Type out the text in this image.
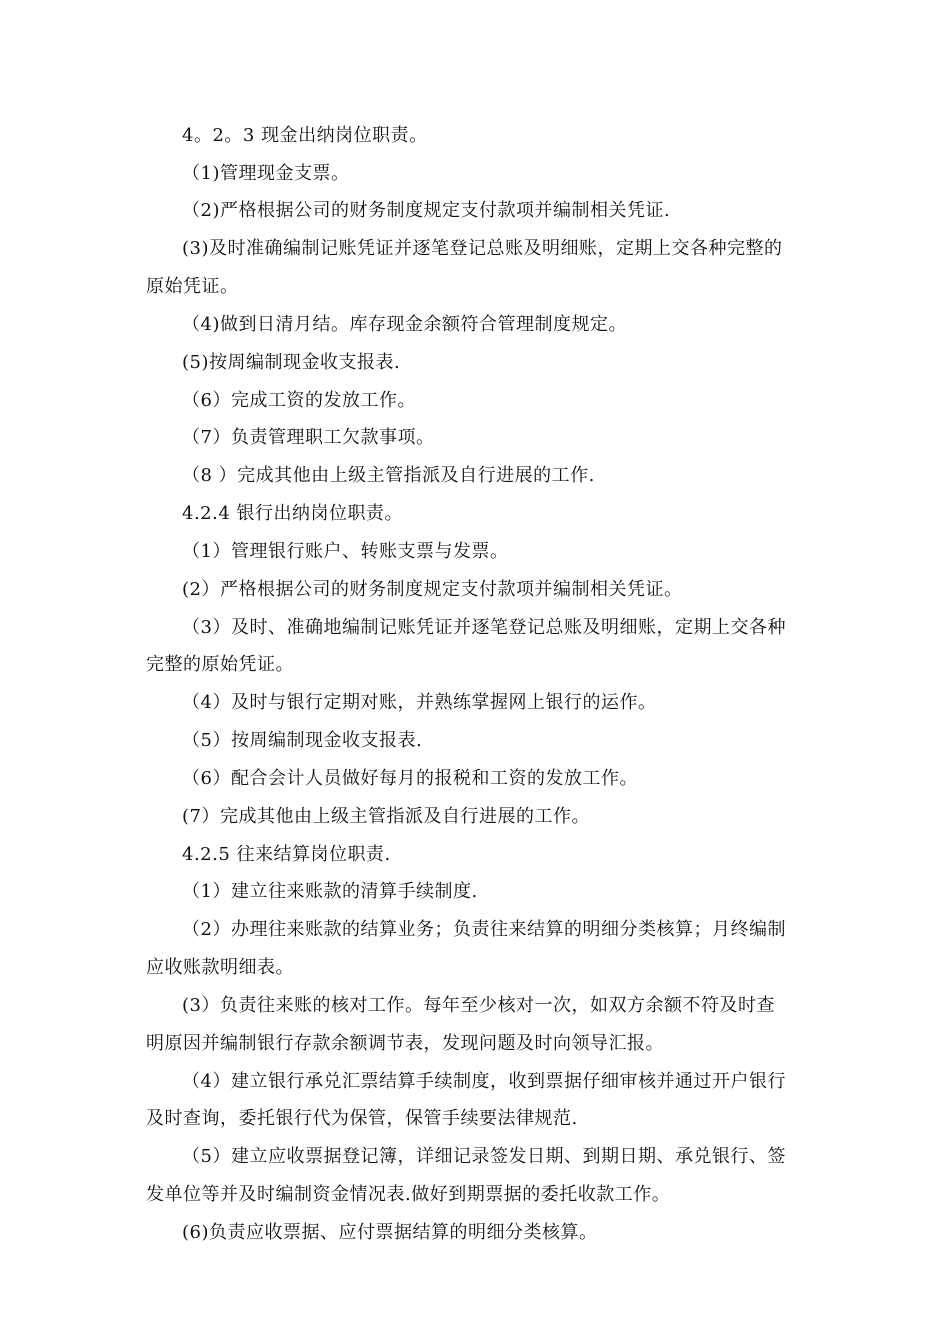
4。2。3 现金出纳岗位职责。
（1)管理现金支票。
（2)严格根据公司的财务制度规定支付款项并编制相关凭证.
(3)及时准确编制记账凭证并逐笔登记总账及明细账，定期上交各种完整的
原始凭证。
（4)做到日清月结。库存现金余额符合管理制度规定。
(5)按周编制现金收支报表.
（6）完成工资的发放工作。
（7）负责管理职工欠款事项。
（8 ）完成其他由上级主管指派及自行进展的工作.
4.2.4 银行出纳岗位职责。
（1）管理银行账户、转账支票与发票。
(2）严格根据公司的财务制度规定支付款项并编制相关凭证。
（3）及时、准确地编制记账凭证并逐笔登记总账及明细账，定期上交各种
完整的原始凭证。
（4）及时与银行定期对账，并熟练掌握网上银行的运作。
（5）按周编制现金收支报表.
（6）配合会计人员做好每月的报税和工资的发放工作。
(7）完成其他由上级主管指派及自行进展的工作。
4.2.5 往来结算岗位职责.
（1）建立往来账款的清算手续制度.
（2）办理往来账款的结算业务；负责往来结算的明细分类核算；月终编制
应收账款明细表。
(3）负责往来账的核对工作。每年至少核对一次，如双方余额不符及时查
明原因并编制银行存款余额调节表，发现问题及时向领导汇报。
（4）建立银行承兑汇票结算手续制度，收到票据仔细审核并通过开户银行
及时查询，委托银行代为保管，保管手续要法律规范.
（5）建立应收票据登记簿，详细记录签发日期、到期日期、承兑银行、签
发单位等并及时编制资金情况表.做好到期票据的委托收款工作。
(6)负责应收票据、应付票据结算的明细分类核算。
